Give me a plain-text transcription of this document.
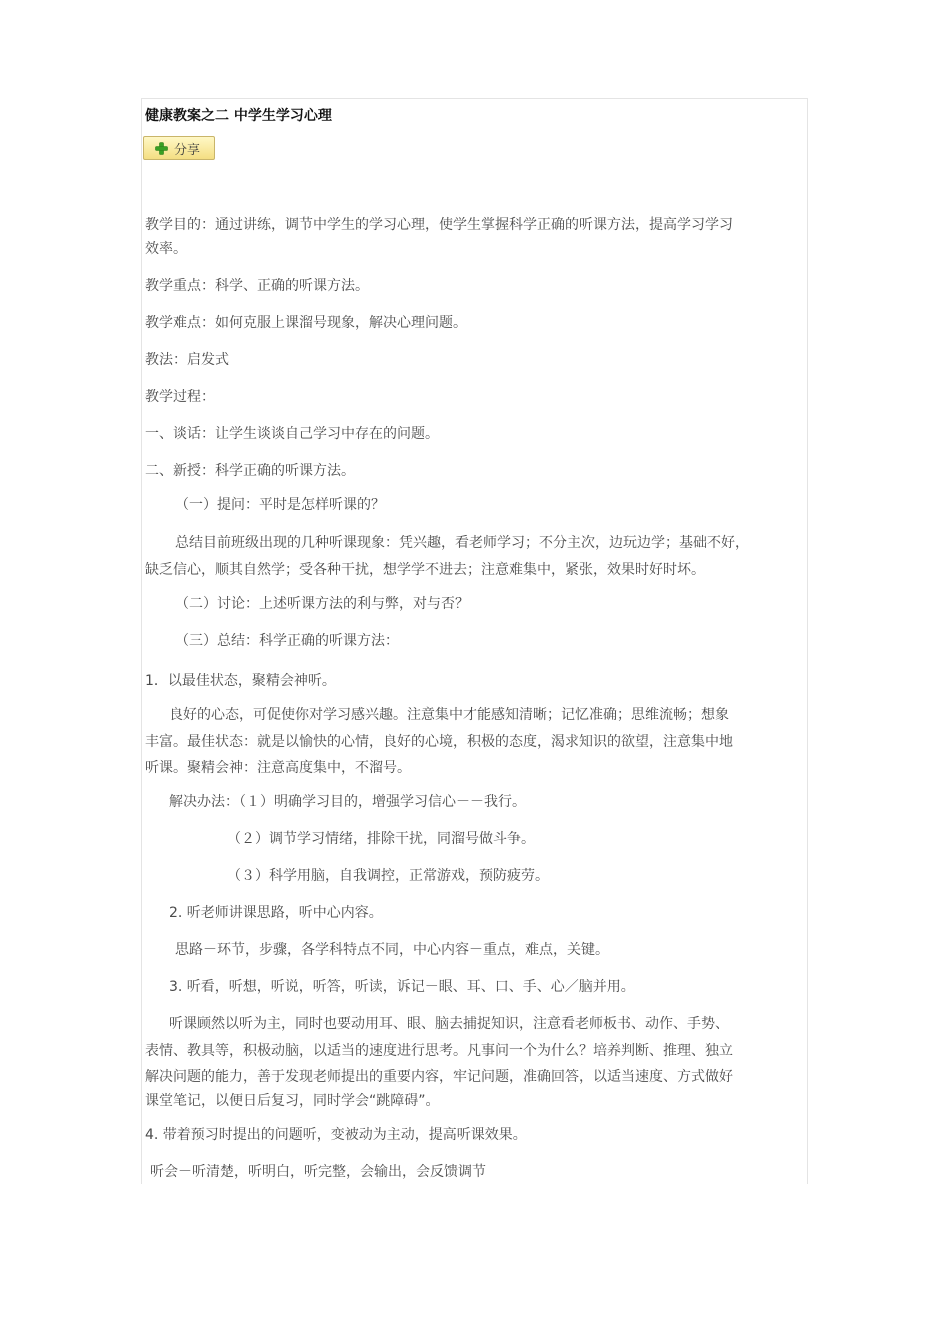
健康教案之二 中学生学习心理
分享
教学目的：通过讲练，调节中学生的学习心理，使学生掌握科学正确的听课方法，提高学习学习
效率。
教学重点：科学、正确的听课方法。
教学难点：如何克服上课溜号现象，解决心理问题。
教法：启发式
教学过程：
一、谈话：让学生谈谈自己学习中存在的问题。
二、新授：科学正确的听课方法。
（一）提问：平时是怎样听课的？
总结目前班级出现的几种听课现象：凭兴趣，看老师学习；不分主次，边玩边学；基础不好，
缺乏信心，顺其自然学；受各种干扰，想学学不进去；注意难集中，紧张，效果时好时坏。
（二）讨论：上述听课方法的利与弊，对与否？
（三）总结：科学正确的听课方法：
1．以最佳状态，聚精会神听。
良好的心态，可促使你对学习感兴趣。注意集中才能感知清晰；记忆准确；思维流畅；想象
丰富。最佳状态：就是以愉快的心情，良好的心境，积极的态度，渴求知识的欲望，注意集中地
听课。聚精会神：注意高度集中，不溜号。
解决办法：（１）明确学习目的，增强学习信心－－我行。
（２）调节学习情绪，排除干扰，同溜号做斗争。
（３）科学用脑，自我调控，正常游戏，预防疲劳。
2. 听老师讲课思路，听中心内容。
思路－环节，步骤，各学科特点不同，中心内容－重点，难点，关键。
3. 听看，听想，听说，听答，听读，诉记－眼、耳、口、手、心／脑并用。
听课顾然以听为主，同时也要动用耳、眼、脑去捕捉知识，注意看老师板书、动作、手势、
表情、教具等，积极动脑，以适当的速度进行思考。凡事问一个为什么？培养判断、推理、独立
解决问题的能力，善于发现老师提出的重要内容，牢记问题，准确回答，以适当速度、方式做好
课堂笔记，以便日后复习，同时学会“跳障碍”。
4. 带着预习时提出的问题听，变被动为主动，提高听课效果。
听会－听清楚，听明白，听完整，会输出，会反馈调节
